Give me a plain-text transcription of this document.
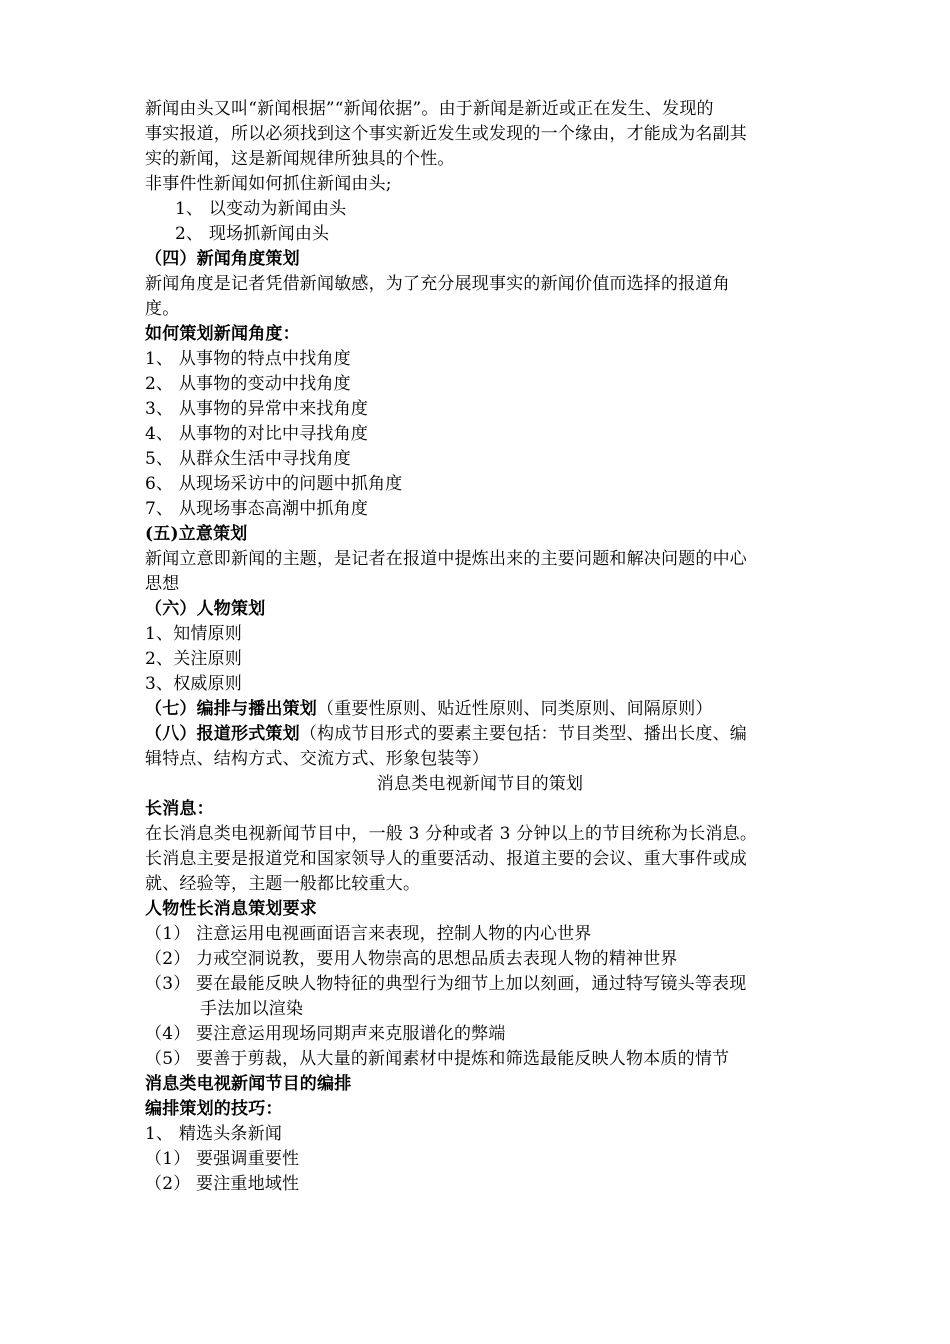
新闻由头又叫“新闻根据”“新闻依据”。由于新闻是新近或正在发生、发现的
事实报道，所以必须找到这个事实新近发生或发现的一个缘由，才能成为名副其
实的新闻，这是新闻规律所独具的个性。
非事件性新闻如何抓住新闻由头;
1、 以变动为新闻由头
2、 现场抓新闻由头
（四）新闻角度策划
新闻角度是记者凭借新闻敏感，为了充分展现事实的新闻价值而选择的报道角
度。
如何策划新闻角度：
1、 从事物的特点中找角度
2、 从事物的变动中找角度
3、 从事物的异常中来找角度
4、 从事物的对比中寻找角度
5、 从群众生活中寻找角度
6、 从现场采访中的问题中抓角度
7、 从现场事态高潮中抓角度
(五)立意策划
新闻立意即新闻的主题，是记者在报道中提炼出来的主要问题和解决问题的中心
思想
（六）人物策划
1、知情原则
2、关注原则
3、权威原则
（七）编排与播出策划（重要性原则、贴近性原则、同类原则、间隔原则）
（八）报道形式策划（构成节目形式的要素主要包括：节目类型、播出长度、编
辑特点、结构方式、交流方式、形象包装等）
消息类电视新闻节目的策划
长消息：
在长消息类电视新闻节目中，一般 3 分种或者 3 分钟以上的节目统称为长消息。
长消息主要是报道党和国家领导人的重要活动、报道主要的会议、重大事件或成
就、经验等，主题一般都比较重大。
人物性长消息策划要求
（1） 注意运用电视画面语言来表现，控制人物的内心世界
（2） 力戒空洞说教，要用人物崇高的思想品质去表现人物的精神世界
（3） 要在最能反映人物特征的典型行为细节上加以刻画，通过特写镜头等表现
手法加以渲染
（4） 要注意运用现场同期声来克服谱化的弊端
（5） 要善于剪裁，从大量的新闻素材中提炼和筛选最能反映人物本质的情节
消息类电视新闻节目的编排
编排策划的技巧：
1、 精选头条新闻
（1） 要强调重要性
（2） 要注重地域性
